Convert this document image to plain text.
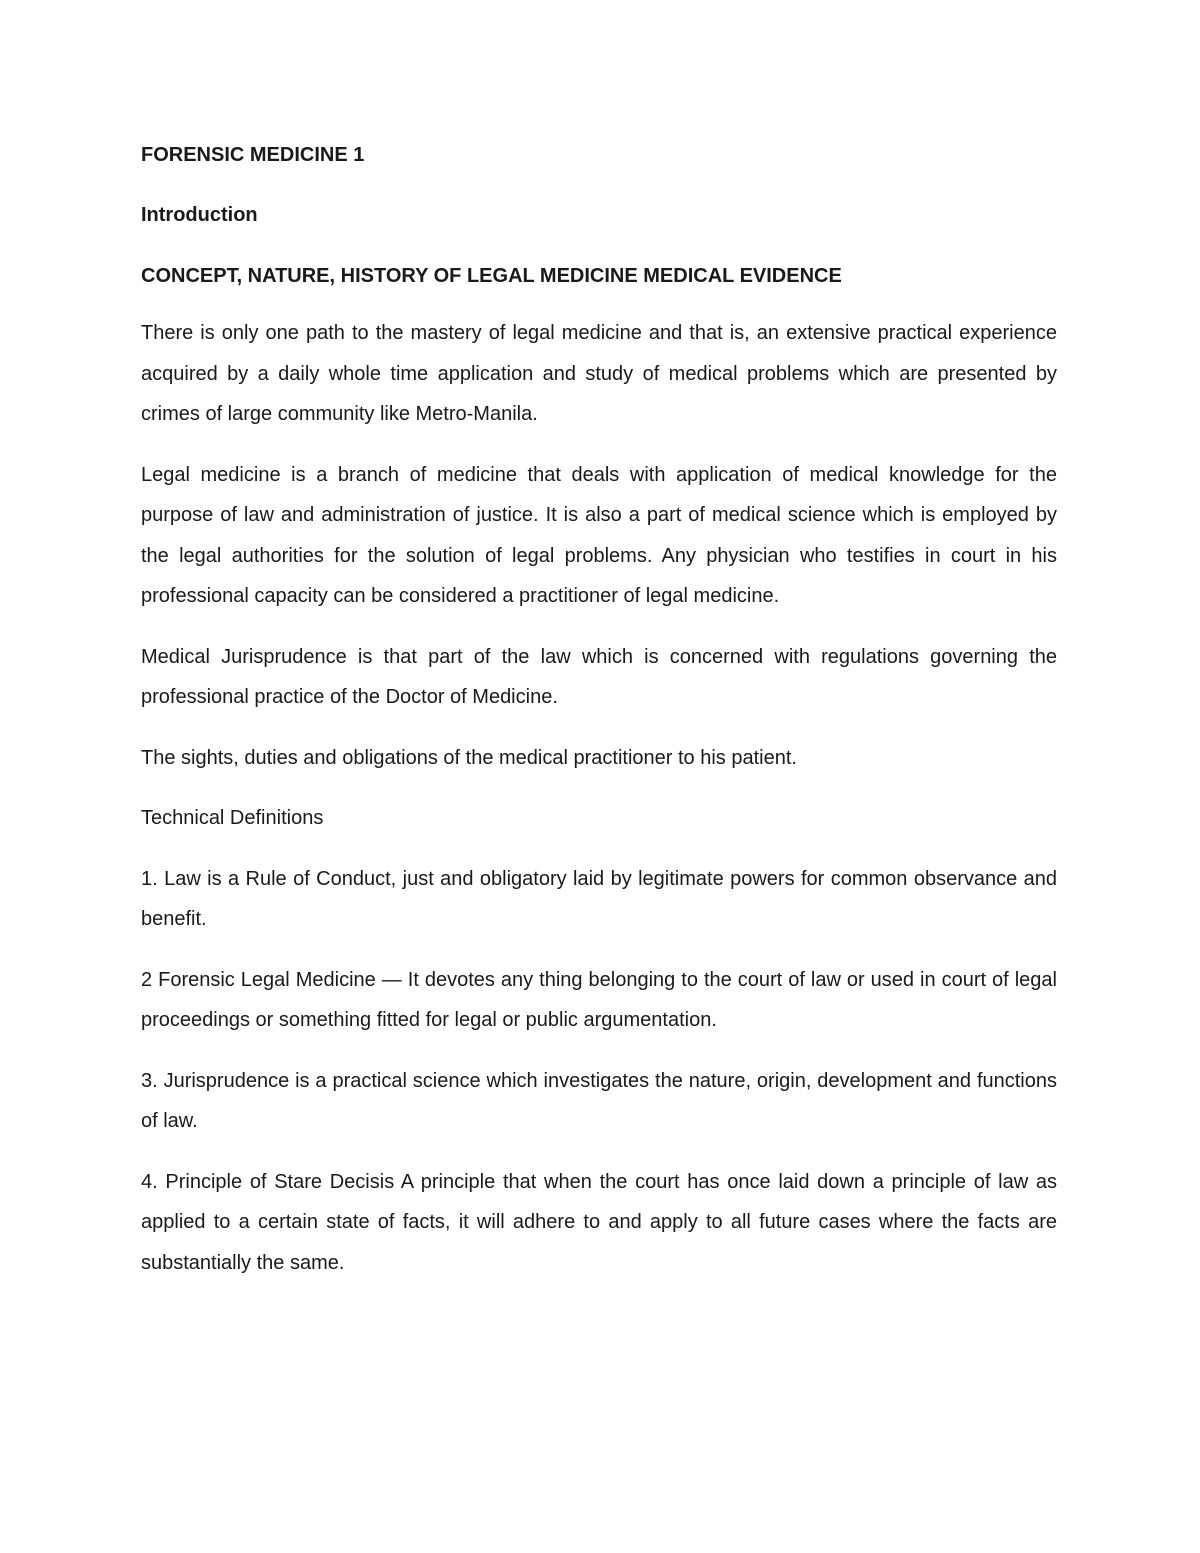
FORENSIC MEDICINE 1
Introduction
CONCEPT, NATURE, HISTORY OF LEGAL MEDICINE MEDICAL EVIDENCE

There is only one path to the mastery of legal medicine and that is, an extensive practical experience acquired by a daily whole time application and study of medical problems which are presented by crimes of large community like Metro-Manila.

Legal medicine is a branch of medicine that deals with application of medical knowledge for the purpose of law and administration of justice. It is also a part of medical science which is employed by the legal authorities for the solution of legal problems. Any physician who testifies in court in his professional capacity can be considered a practitioner of legal medicine.

Medical Jurisprudence is that part of the law which is concerned with regulations governing the professional practice of the Doctor of Medicine.

The sights, duties and obligations of the medical practitioner to his patient.

Technical Definitions

1. Law is a Rule of Conduct, just and obligatory laid by legitimate powers for common observance and benefit.

2 Forensic Legal Medicine — It devotes any thing belonging to the court of law or used in court of legal proceedings or something fitted for legal or public argumentation.

3. Jurisprudence is a practical science which investigates the nature, origin, development and functions of law.

4. Principle of Stare Decisis A principle that when the court has once laid down a principle of law as applied to a certain state of facts, it will adhere to and apply to all future cases where the facts are substantially the same.
